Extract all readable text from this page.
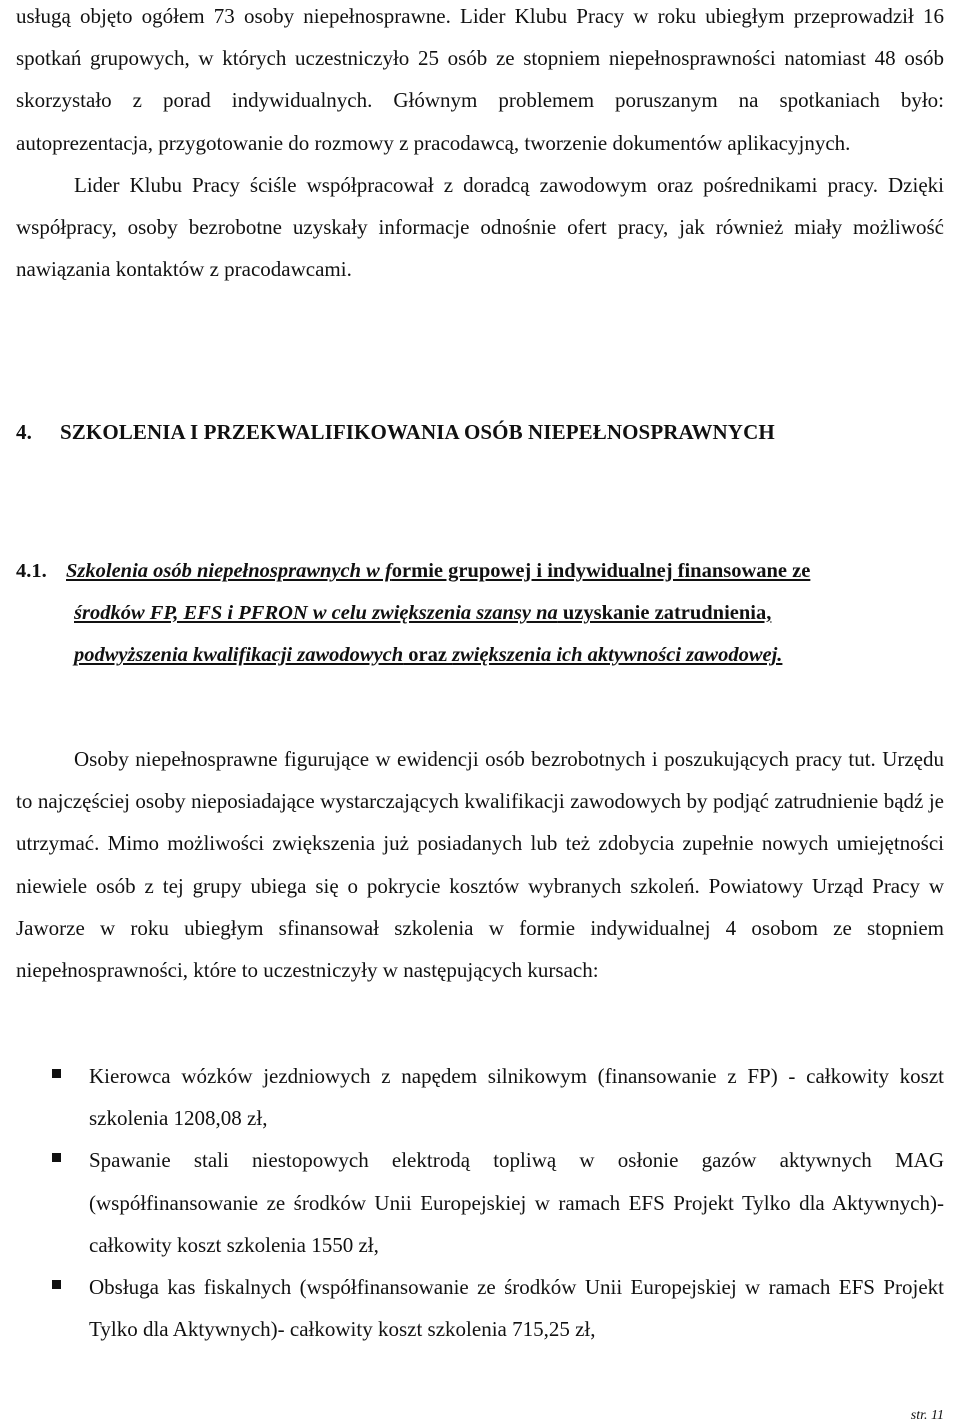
usługą objęto ogółem 73 osoby niepełnosprawne. Lider Klubu Pracy w roku ubiegłym przeprowadził 16 spotkań grupowych, w których uczestniczyło 25 osób ze stopniem niepełnosprawności natomiast 48 osób skorzystało z porad indywidualnych. Głównym problemem poruszanym na spotkaniach było: autoprezentacja, przygotowanie do rozmowy z pracodawcą, tworzenie dokumentów aplikacyjnych.

Lider Klubu Pracy ściśle współpracował z doradcą zawodowym oraz pośrednikami pracy. Dzięki współpracy, osoby bezrobotne uzyskały informacje odnośnie ofert pracy, jak również miały możliwość nawiązania kontaktów z pracodawcami.

4. SZKOLENIA I PRZEKWALIFIKOWANIA OSÓB NIEPEŁNOSPRAWNYCH
4.1. Szkolenia osób niepełnosprawnych w formie grupowej i indywidualnej finansowane ze
środków FP, EFS i PFRON w celu zwiększenia szansy na uzyskanie zatrudnienia,
podwyższenia kwalifikacji zawodowych oraz zwiększenia ich aktywności zawodowej.

Osoby niepełnosprawne figurujące w ewidencji osób bezrobotnych i poszukujących pracy tut. Urzędu to najczęściej osoby nieposiadające wystarczających kwalifikacji zawodowych by podjąć zatrudnienie bądź je utrzymać. Mimo możliwości zwiększenia już posiadanych lub też zdobycia zupełnie nowych umiejętności niewiele osób z tej grupy ubiega się o pokrycie kosztów wybranych szkoleń. Powiatowy Urząd Pracy w Jaworze w roku ubiegłym sfinansował szkolenia w formie indywidualnej 4 osobom ze stopniem niepełnosprawności, które to uczestniczyły w następujących kursach:

Kierowca wózków jezdniowych z napędem silnikowym (finansowanie z FP) - całkowity koszt szkolenia 1208,08 zł,
Spawanie stali niestopowych elektrodą topliwą w osłonie gazów aktywnych MAG (współfinansowanie ze środków Unii Europejskiej w ramach EFS Projekt Tylko dla Aktywnych)- całkowity koszt szkolenia 1550 zł,
Obsługa kas fiskalnych (współfinansowanie ze środków Unii Europejskiej w ramach EFS Projekt Tylko dla Aktywnych)- całkowity koszt szkolenia 715,25 zł,
str. 11
